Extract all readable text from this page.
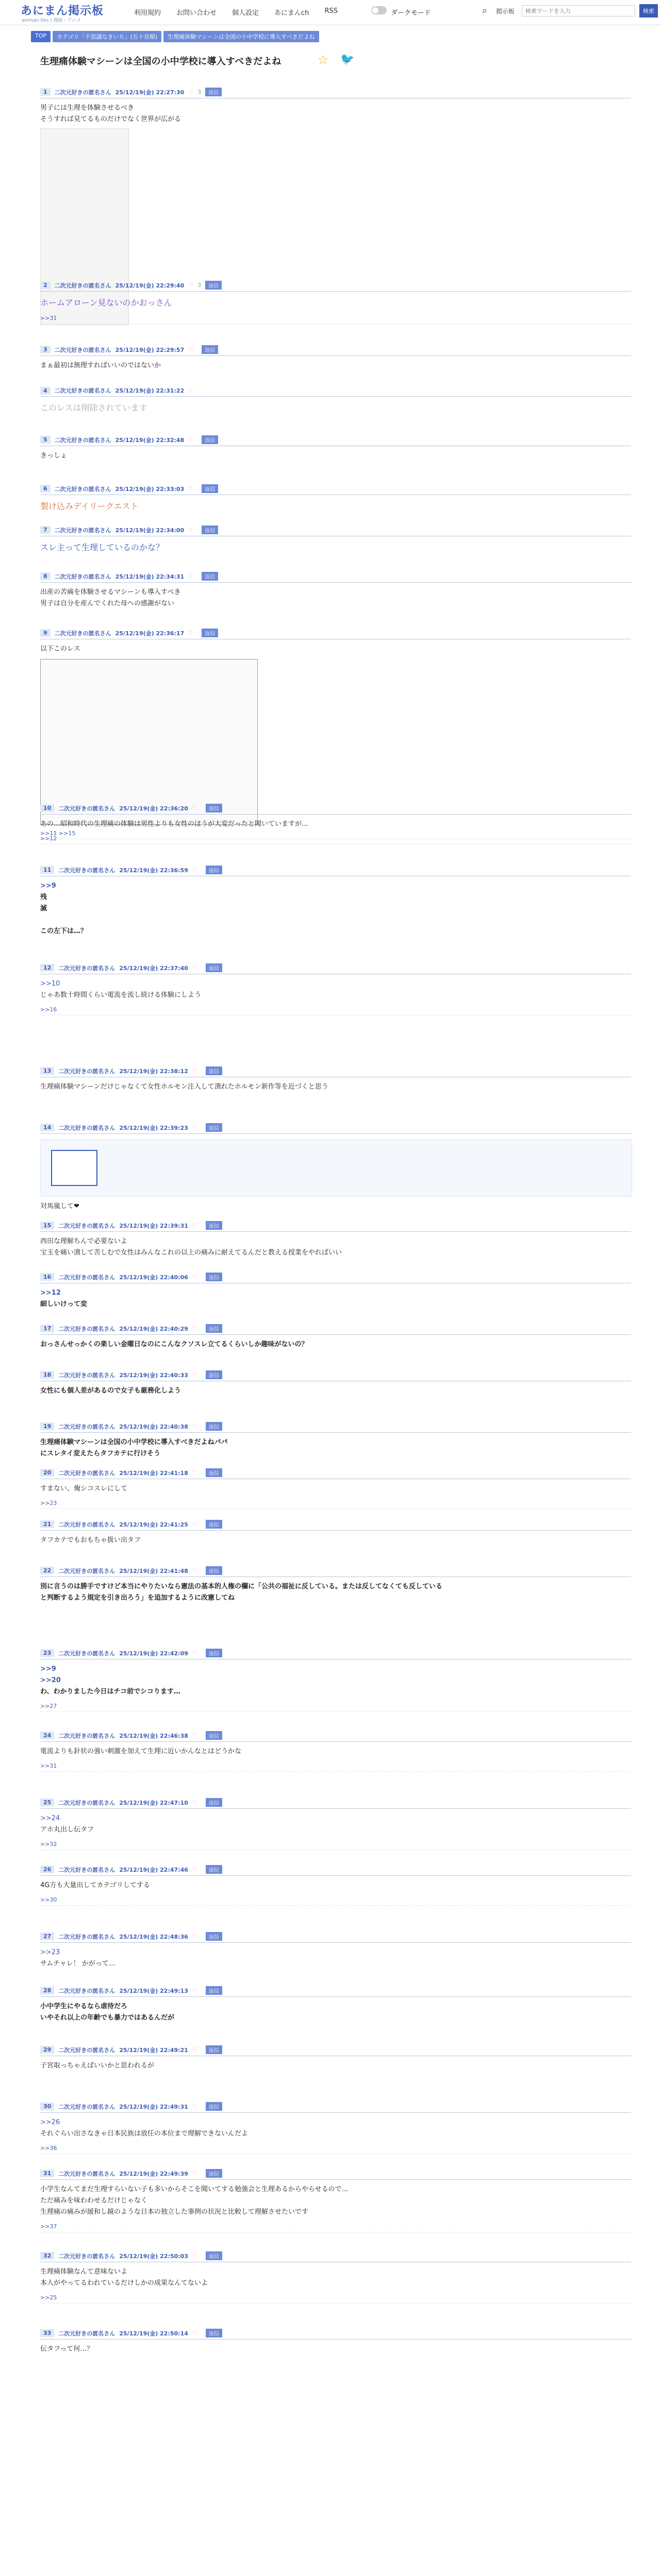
あにまん掲示板
animan bbs | 漫画・アニメ
利用規約 お問い合わせ 個人設定 あにまんch RSS	ダークモード	⌕ 掲示板
検索ワードを入力	検索
TOP	カテゴリ「不思議なきいち」(五十音順)	生理痛体験マシーンは全国の小中学校に導入すべきだよね
生理痛体験マシーンは全国の小中学校に導入すべきだよね	☆ 🐦
1	二次元好きの匿名さん 25/12/19(金) 22:27:30 ♡ 3	返信
男子には生理を体験させるべき
そうすれば見てるものだけでなく世界が広がる
2	二次元好きの匿名さん 25/12/19(金) 22:29:40 ♡ 3	返信
ホームアローン見ないのかおっさん
>>31
3	二次元好きの匿名さん 25/12/19(金) 22:29:57 ♡	返信
まぁ最初は無理すればいいのではないか
4	二次元好きの匿名さん 25/12/19(金) 22:31:22 ♡
このレスは削除されています
5	二次元好きの匿名さん 25/12/19(金) 22:32:48 ♡	返信
きっしょ
6	二次元好きの匿名さん 25/12/19(金) 22:33:03 ♡	返信
製け込みデイリークエスト
7	二次元好きの匿名さん 25/12/19(金) 22:34:00 ♡	返信
スレ主って生理しているのかな？
8	二次元好きの匿名さん 25/12/19(金) 22:34:31 ♡	返信
出産の苦痛を体験させるマシーンも導入すべき
男子は自分を産んでくれた母への感謝がない
9	二次元好きの匿名さん 25/12/19(金) 22:36:17 ♡	返信
以下このレス
>>11 >>15
10	二次元好きの匿名さん 25/12/19(金) 22:36:20 ♡	返信
あの…昭和時代の生理痛の体験は男性よりも女性のほうが大変だったと聞いていますが…
>>12
11	二次元好きの匿名さん 25/12/19(金) 22:36:59 ♡	返信
>>9
残
滅

この左下は…？
12	二次元好きの匿名さん 25/12/19(金) 22:37:40 ♡	返信
>>10
じゃあ数十時間くらい電流を流し続ける体験にしよう
>>16
13	二次元好きの匿名さん 25/12/19(金) 22:38:12 ♡	返信
生理痛体験マシーンだけじゃなくて女性ホルモン注入して潰れたホルモン新作等を近づくと思う
14	二次元好きの匿名さん 25/12/19(金) 22:39:23 ♡	返信
対馬嵐して❤
15	二次元好きの匿名さん 25/12/19(金) 22:39:31 ♡	返信
西田な理解ちんで必要ないよ
宝玉を痛い潰して苦しむで女性はみんなこれの以上の痛みに耐えてるんだと教える授業をやればいい
16	二次元好きの匿名さん 25/12/19(金) 22:40:06 ♡	返信
>>12
細しいけって変
17	二次元好きの匿名さん 25/12/19(金) 22:40:29 ♡	返信
おっさんせっかくの楽しい金曜日なのにこんなクソスレ立てるくらいしか趣味がないの？
18	二次元好きの匿名さん 25/12/19(金) 22:40:33 ♡	返信
女性にも個人差があるので女子も厳務化しよう
19	二次元好きの匿名さん 25/12/19(金) 22:40:38 ♡	返信
生理痛体験マシーンは全国の小中学校に導入すべきだよねパパ
にスレタイ変えたらタフカテに行けそう
20	二次元好きの匿名さん 25/12/19(金) 22:41:18 ♡	返信
すまない、俺シコスレにして
>>23
21	二次元好きの匿名さん 25/12/19(金) 22:41:25 ♡	返信
タフカテでもおもちゃ扱い出タフ
22	二次元好きの匿名さん 25/12/19(金) 22:41:48 ♡	返信
別に言うのは勝手ですけど本当にやりたいなら憲法の基本的人権の欄に「公共の福祉に反している。または反してなくても反している
と判断するよう規定を引き出ろう」を追加するように改憲してね
23	二次元好きの匿名さん 25/12/19(金) 22:42:09 ♡	返信
>>9
>>20
わ、わかりました今日はチコ前でシコります…
>>27
24	二次元好きの匿名さん 25/12/19(金) 22:46:38 ♡	返信
電流よりも針状の強い刺激を加えて生理に近いかんなとはどうかな
>>31
25	二次元好きの匿名さん 25/12/19(金) 22:47:10 ♡	返信
>>24
アホ丸出し伝タフ
>>32
26	二次元好きの匿名さん 25/12/19(金) 22:47:46 ♡	返信
4G方も大量出してカテゴリしてする
>>30
27	二次元好きの匿名さん 25/12/19(金) 22:48:36 ♡	返信
>>23
サムチャレ！ かがって…
28	二次元好きの匿名さん 25/12/19(金) 22:49:13 ♡	返信
小中学生にやるなら虐待だろ
いやそれ以上の年齢でも暴力ではあるんだが
29	二次元好きの匿名さん 25/12/19(金) 22:49:21 ♡	返信
子宮取っちゃえばいいかと思われるが
30	二次元好きの匿名さん 25/12/19(金) 22:49:31 ♡	返信
>>26
それぐらい出さなきゃ日本民族は放任の本位まで理解できないんだよ
>>36
31	二次元好きの匿名さん 25/12/19(金) 22:49:39 ♡	返信
小学生なんてまだ生理すらいない子も多いからそこを聞いてする勉強会と生理あるからやらせるので…
ただ痛みを味わわせるだけじゃなく
生理痛の痛みが緩和し鏡のような日本の独立した事例の状況と比較して理解させたいです
>>37
32	二次元好きの匿名さん 25/12/19(金) 22:50:03 ♡	返信
生理痛体験なんて意味ないよ
本人がやってるわれているだけしかの成果なんてないよ
>>25
33	二次元好きの匿名さん 25/12/19(金) 22:50:14 ♡	返信
伝タフって何…？
